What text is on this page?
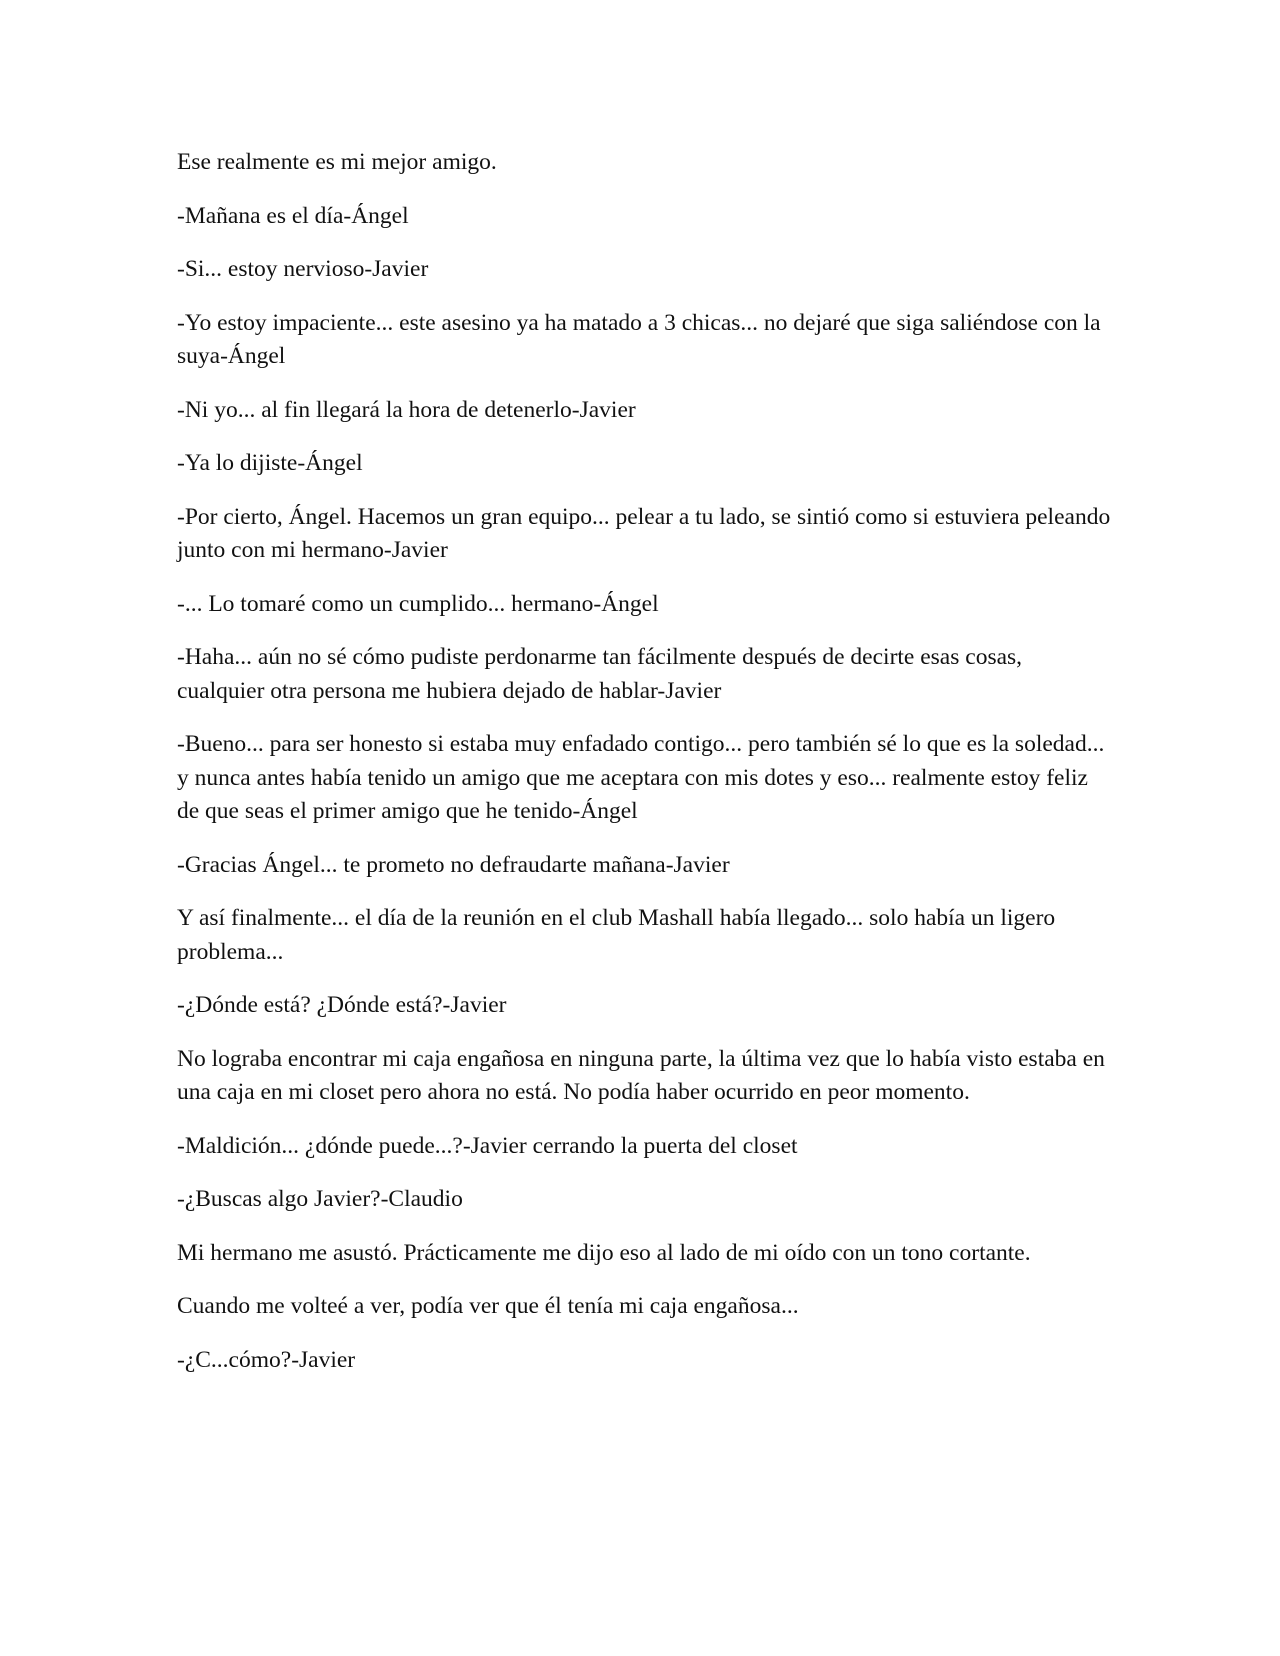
Ese realmente es mi mejor amigo.

-Mañana es el día-Ángel

-Si... estoy nervioso-Javier

-Yo estoy impaciente... este asesino ya ha matado a 3 chicas... no dejaré que siga saliéndose con la suya-Ángel

-Ni yo... al fin llegará la hora de detenerlo-Javier

-Ya lo dijiste-Ángel

-Por cierto, Ángel. Hacemos un gran equipo... pelear a tu lado, se sintió como si estuviera peleando junto con mi hermano-Javier

-... Lo tomaré como un cumplido... hermano-Ángel

-Haha... aún no sé cómo pudiste perdonarme tan fácilmente después de decirte esas cosas, cualquier otra persona me hubiera dejado de hablar-Javier

-Bueno... para ser honesto si estaba muy enfadado contigo... pero también sé lo que es la soledad... y nunca antes había tenido un amigo que me aceptara con mis dotes y eso... realmente estoy feliz de que seas el primer amigo que he tenido-Ángel

-Gracias Ángel... te prometo no defraudarte mañana-Javier

Y así finalmente... el día de la reunión en el club Mashall había llegado... solo había un ligero problema...

-¿Dónde está? ¿Dónde está?-Javier

No lograba encontrar mi caja engañosa en ninguna parte, la última vez que lo había visto estaba en una caja en mi closet pero ahora no está. No podía haber ocurrido en peor momento.

-Maldición... ¿dónde puede...?-Javier cerrando la puerta del closet

-¿Buscas algo Javier?-Claudio

Mi hermano me asustó. Prácticamente me dijo eso al lado de mi oído con un tono cortante.

Cuando me volteé a ver, podía ver que él tenía mi caja engañosa...

-¿C...cómo?-Javier
